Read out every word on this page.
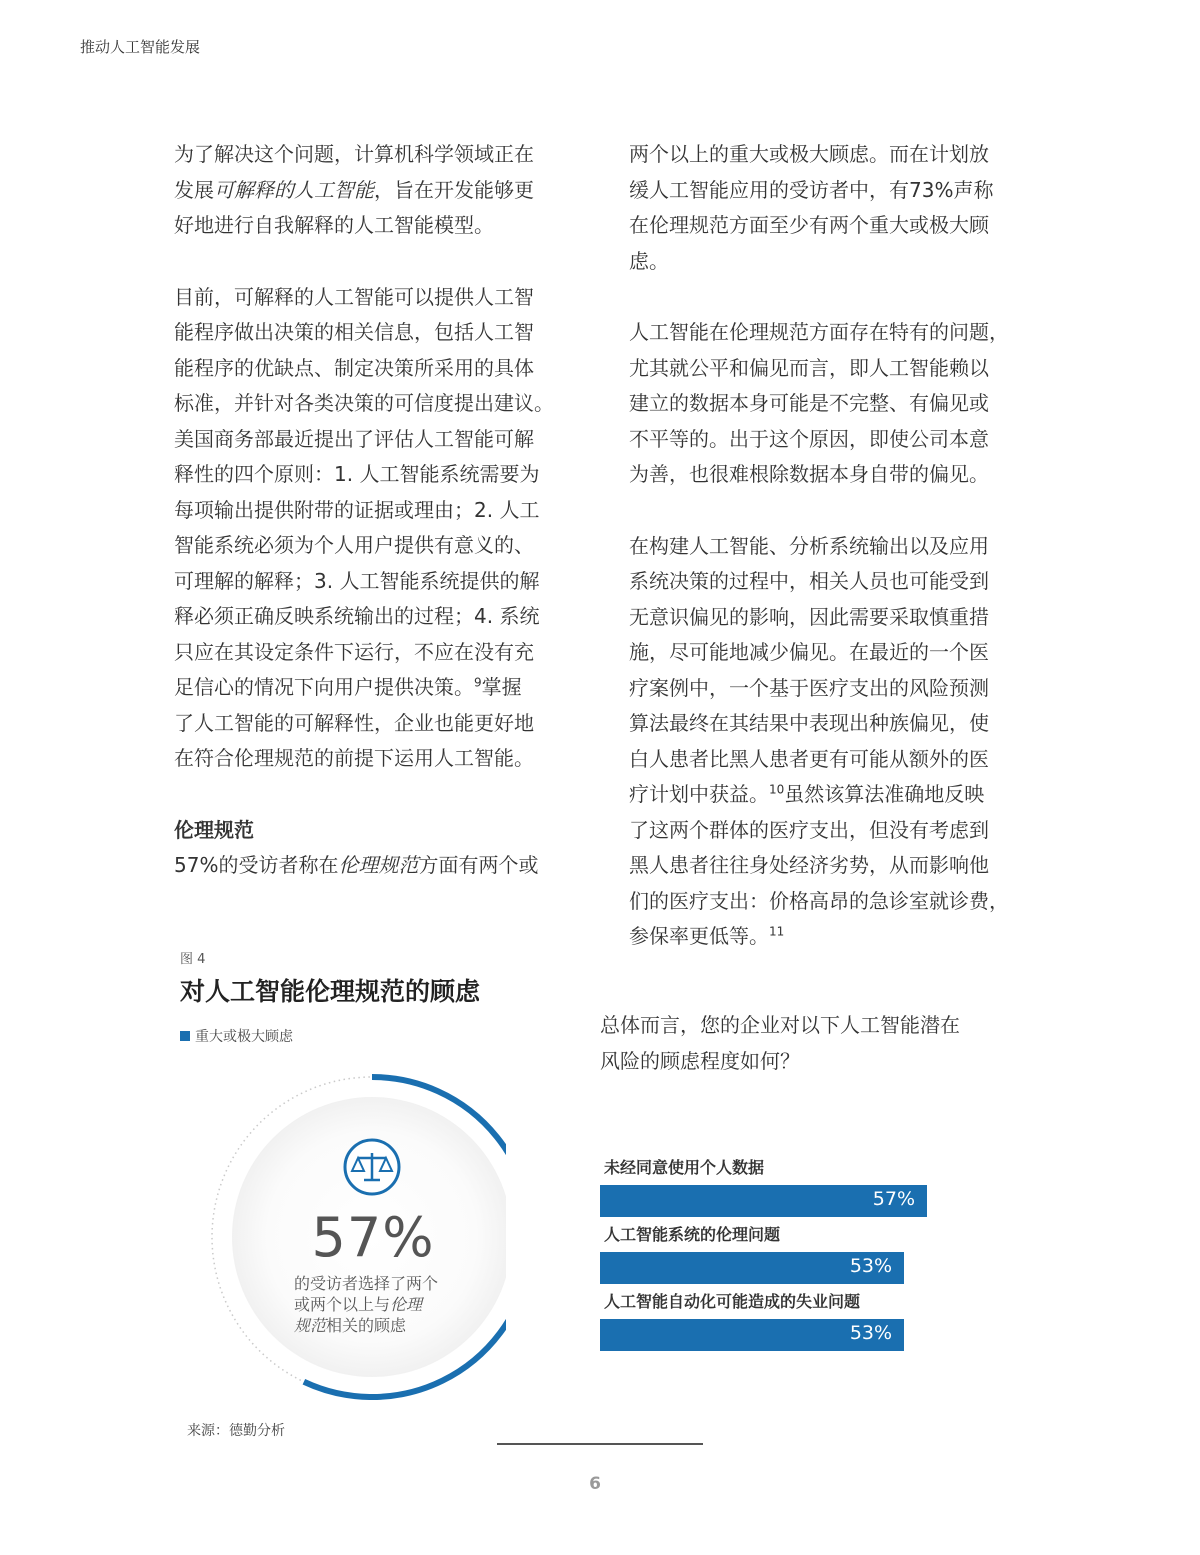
推动人工智能发展

为了解决这个问题，计算机科学领域正在

发展可解释的人工智能，旨在开发能够更

好地进行自我解释的人工智能模型。

目前，可解释的人工智能可以提供人工智

能程序做出决策的相关信息，包括人工智

能程序的优缺点、制定决策所采用的具体

标准，并针对各类决策的可信度提出建议。

美国商务部最近提出了评估人工智能可解

释性的四个原则：1. 人工智能系统需要为

每项输出提供附带的证据或理由；2. 人工

智能系统必须为个人用户提供有意义的、

可理解的解释；3. 人工智能系统提供的解

释必须正确反映系统输出的过程；4. 系统

只应在其设定条件下运行，不应在没有充

足信心的情况下向用户提供决策。$^9$掌握

了人工智能的可解释性，企业也能更好地

在符合伦理规范的前提下运用人工智能。

伦理规范

57%的受访者称在伦理规范方面有两个或

两个以上的重大或极大顾虑。而在计划放

缓人工智能应用的受访者中，有73%声称

在伦理规范方面至少有两个重大或极大顾

虑。

人工智能在伦理规范方面存在特有的问题，

尤其就公平和偏见而言，即人工智能赖以

建立的数据本身可能是不完整、有偏见或

不平等的。出于这个原因，即使公司本意

为善，也很难根除数据本身自带的偏见。

在构建人工智能、分析系统输出以及应用

系统决策的过程中，相关人员也可能受到

无意识偏见的影响，因此需要采取慎重措

施，尽可能地减少偏见。在最近的一个医

疗案例中，一个基于医疗支出的风险预测

算法最终在其结果中表现出种族偏见，使

白人患者比黑人患者更有可能从额外的医

疗计划中获益。$^{10}$虽然该算法准确地反映

了这两个群体的医疗支出，但没有考虑到

黑人患者往往身处经济劣势，从而影响他

们的医疗支出：价格高昂的急诊室就诊费，

参保率更低等。$^{11}$

图 4
对人工智能伦理规范的顾虑
重大或极大顾虑
57%
的受访者选择了两个
或两个以上与伦理
规范相关的顾虑
来源：德勤分析

总体而言，您的企业对以下人工智能潜在

风险的顾虑程度如何？

未经同意使用个人数据
57%
人工智能系统的伦理问题
53%
人工智能自动化可能造成的失业问题
53%
6
